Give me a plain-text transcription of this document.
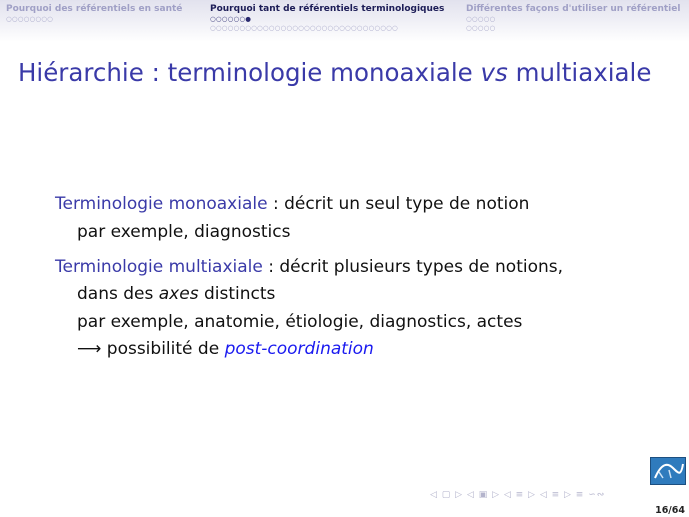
Pourquoi des référentiels en santé
○○○○○○○○
Pourquoi tant de référentiels terminologiques
○○○○○○●
○○○○○○○○○○○○○○○○○○○○○○○○○○○○○○○○
Différentes façons d'utiliser un référentiel
○○○○○
○○○○○
Hiérarchie : terminologie monoaxiale vs multiaxiale
Terminologie monoaxiale : décrit un seul type de notion
par exemple, diagnostics
Terminologie multiaxiale : décrit plusieurs types de notions,
dans des axes distincts
par exemple, anatomie, étiologie, diagnostics, actes
⟶ possibilité de post-coordination
◁ ▢ ▷ ◁ ▣ ▷ ◁ ≡ ▷ ◁ ≡ ▷ ≡ ∽∾
16/64
